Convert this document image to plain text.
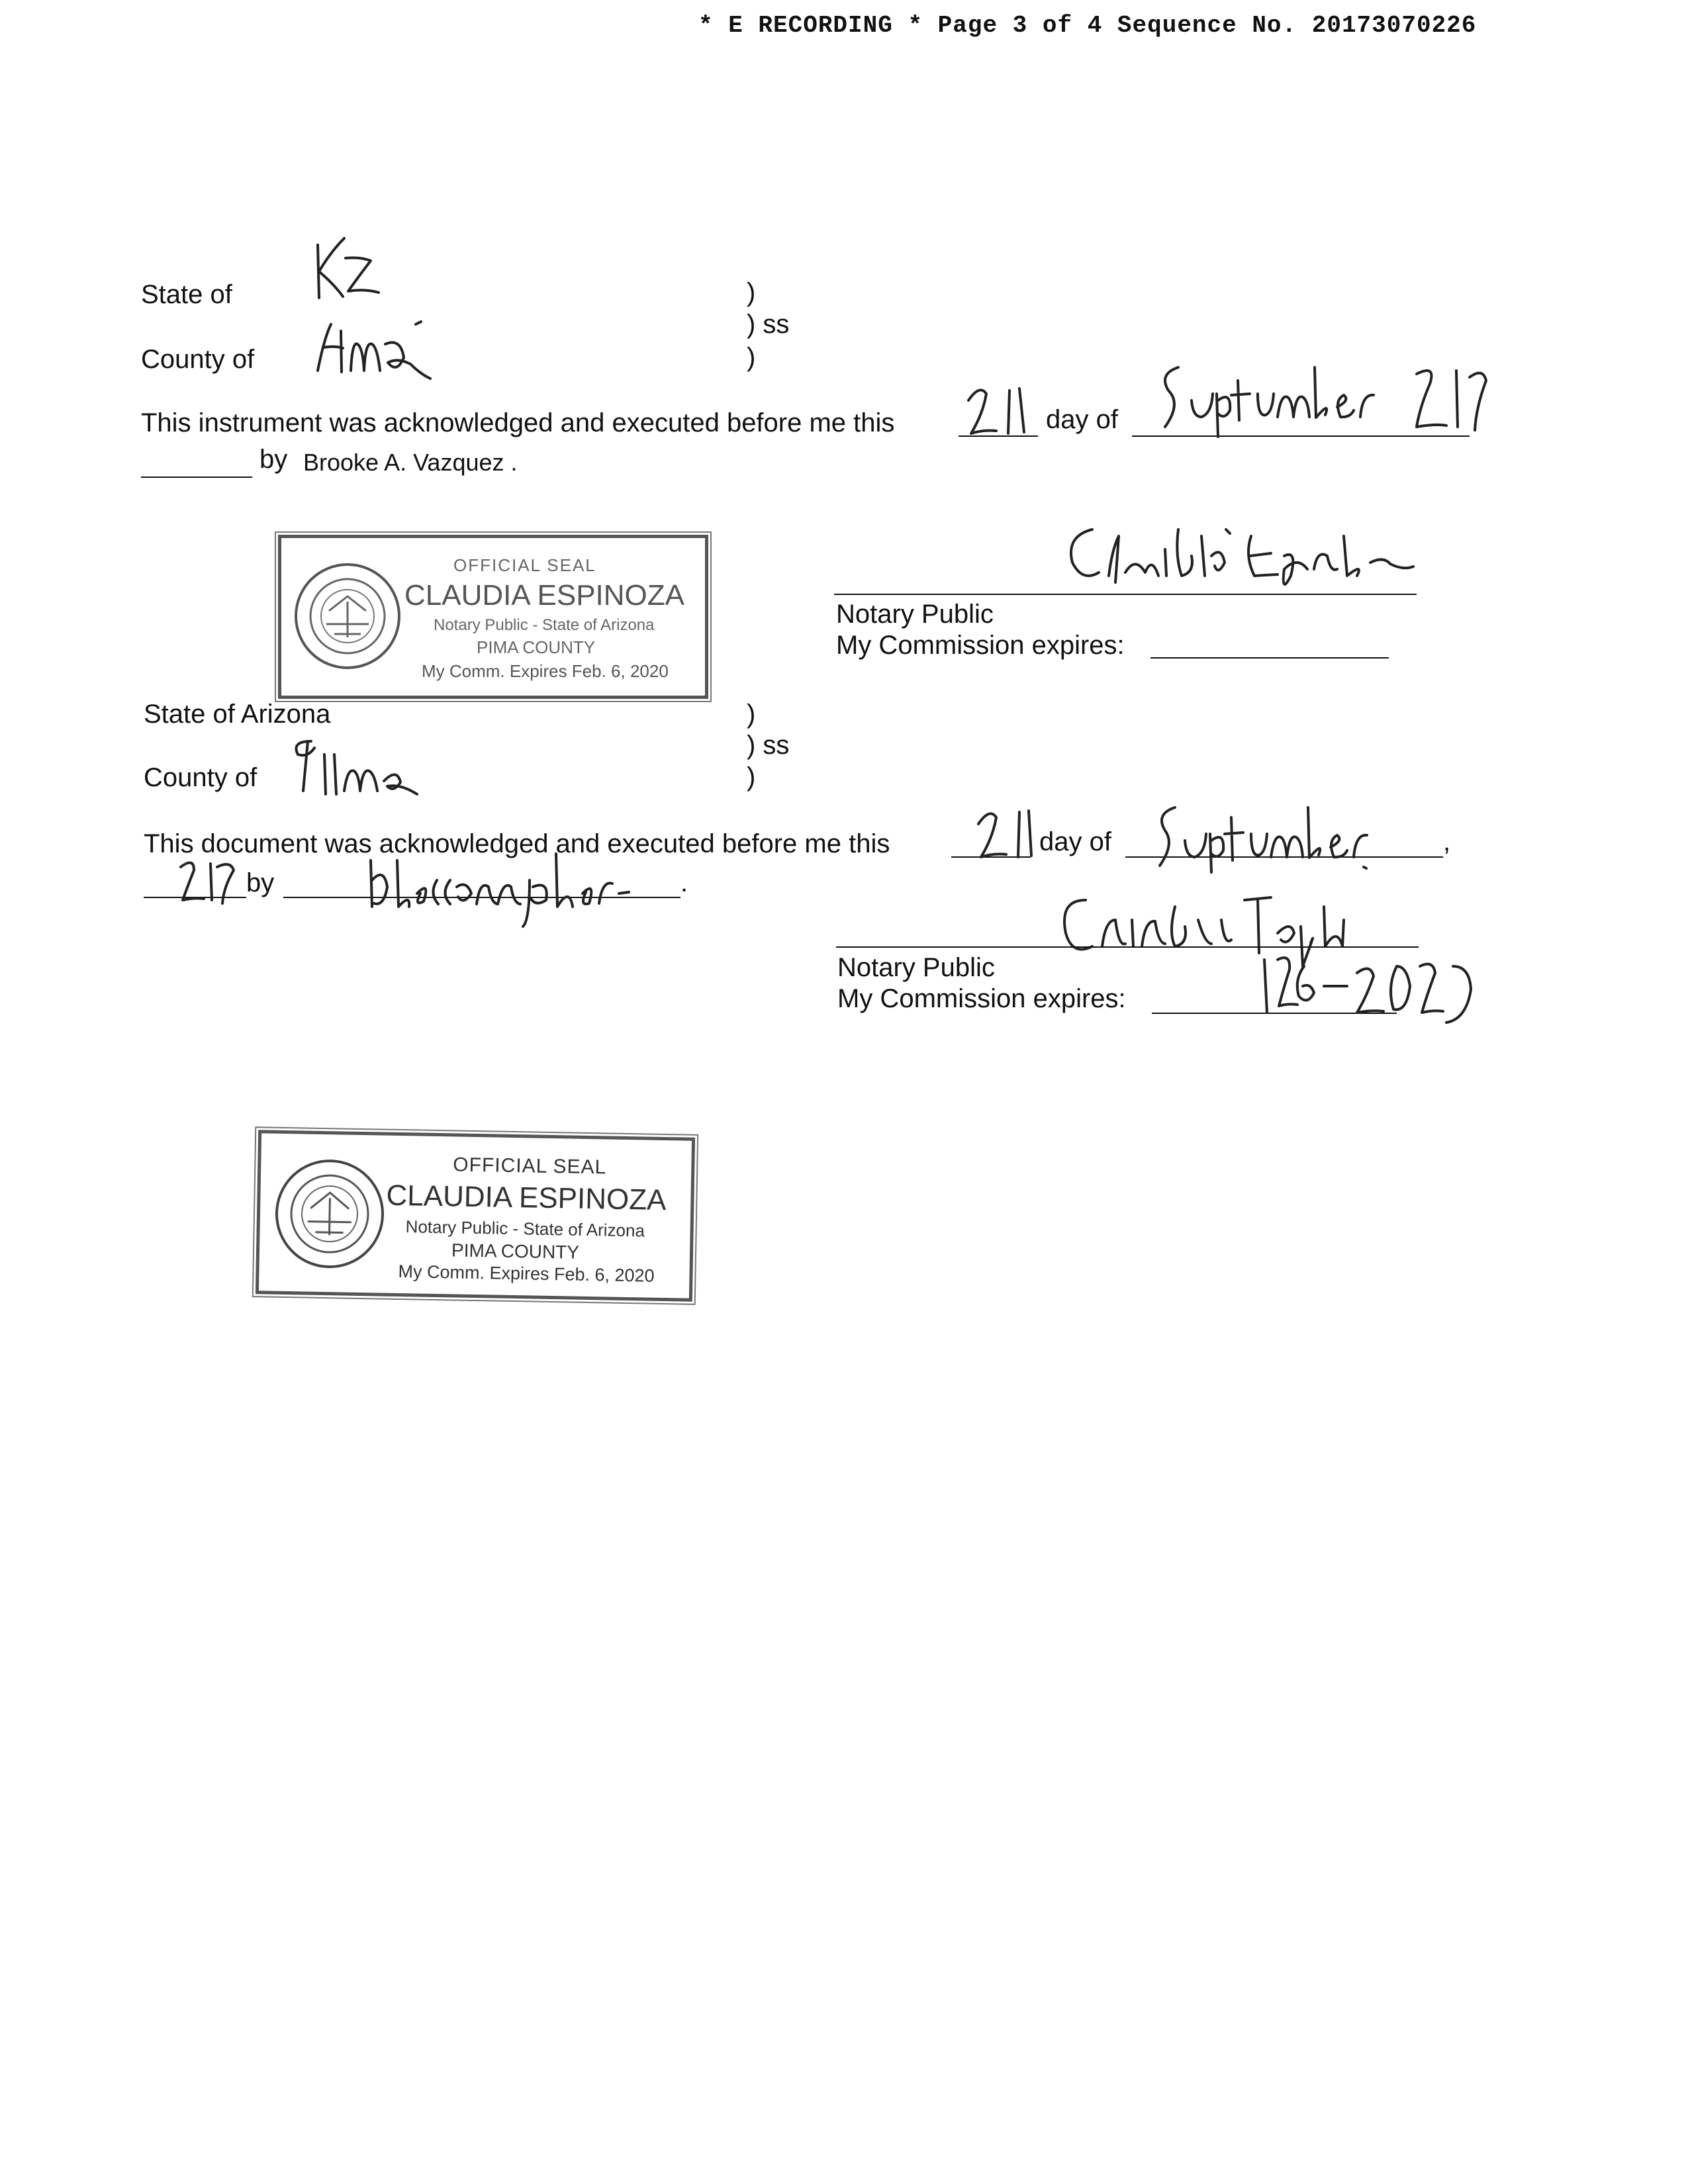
* E RECORDING * Page 3 of 4 Sequence No. 20173070226
State of	)
) ss
County of	)
This instrument was acknowledged and executed before me this	day of
by Brooke A. Vazquez .
OFFICIAL SEAL
CLAUDIA ESPINOZA
Notary Public - State of Arizona
PIMA COUNTY
My Comm. Expires Feb. 6, 2020
Notary Public
My Commission expires:
State of Arizona	)
) ss
County of	)
This document was acknowledged and executed before me this	day of	,
by	.
Notary Public
My Commission expires:
OFFICIAL SEAL
CLAUDIA ESPINOZA
Notary Public - State of Arizona
PIMA COUNTY
My Comm. Expires Feb. 6, 2020
